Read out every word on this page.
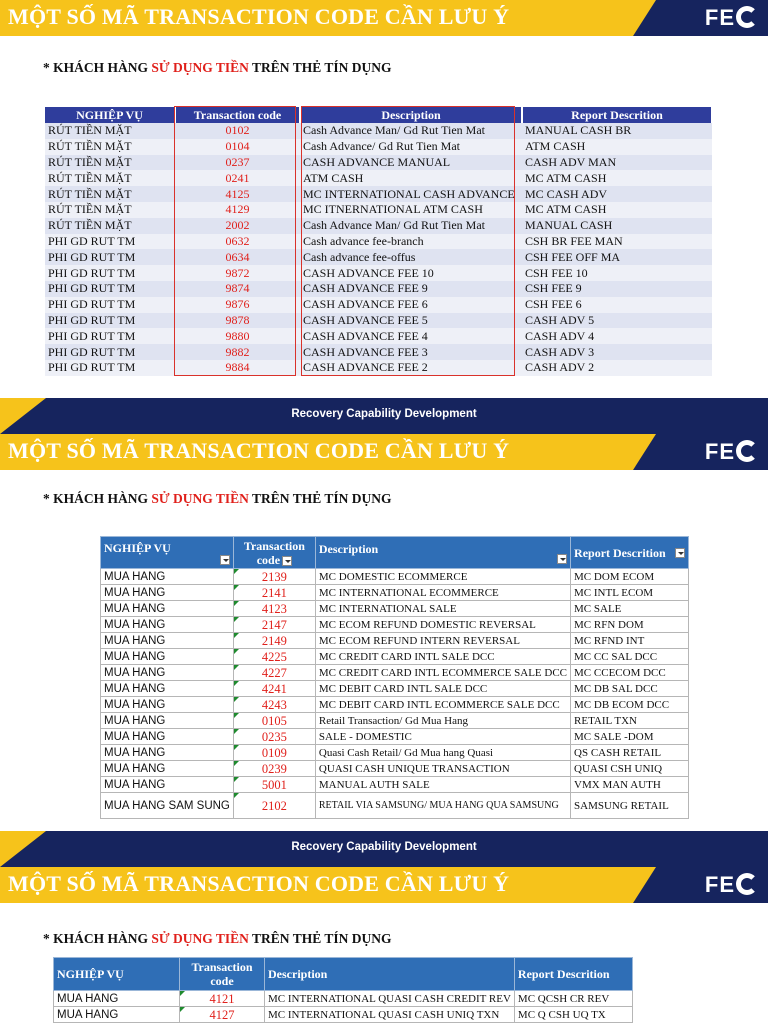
MỘT SỐ MÃ TRANSACTION CODE CẦN LƯU Ý	FE
* KHÁCH HÀNG SỬ DỤNG TIỀN TRÊN THẺ TÍN DỤNG
NGHIỆP VỤ	Transaction code	Description	Report Descrition
RÚT TIỀN MẶT	0102	Cash Advance Man/ Gd Rut Tien Mat	MANUAL CASH BR
RÚT TIỀN MẶT	0104	Cash Advance/ Gd Rut Tien Mat	ATM CASH
RÚT TIỀN MẶT	0237	CASH ADVANCE MANUAL	CASH ADV MAN
RÚT TIỀN MẶT	0241	ATM CASH	MC ATM CASH
RÚT TIỀN MẶT	4125	MC INTERNATIONAL CASH ADVANCE	MC CASH ADV
RÚT TIỀN MẶT	4129	MC ITNERNATIONAL ATM CASH	MC ATM CASH
RÚT TIỀN MẶT	2002	Cash Advance Man/ Gd Rut Tien Mat	MANUAL CASH
PHI GD RUT TM	0632	Cash advance fee-branch	CSH BR FEE MAN
PHI GD RUT TM	0634	Cash advance fee-offus	CSH FEE OFF MA
PHI GD RUT TM	9872	CASH ADVANCE FEE 10	CSH FEE 10
PHI GD RUT TM	9874	CASH ADVANCE FEE 9	CSH FEE 9
PHI GD RUT TM	9876	CASH ADVANCE FEE 6	CSH FEE 6
PHI GD RUT TM	9878	CASH ADVANCE FEE 5	CASH ADV 5
PHI GD RUT TM	9880	CASH ADVANCE FEE 4	CASH ADV 4
PHI GD RUT TM	9882	CASH ADVANCE FEE 3	CASH ADV 3
PHI GD RUT TM	9884	CASH ADVANCE FEE 2	CASH ADV 2
Recovery Capability Development
MỘT SỐ MÃ TRANSACTION CODE CẦN LƯU Ý	FE
* KHÁCH HÀNG SỬ DỤNG TIỀN TRÊN THẺ TÍN DỤNG
NGHIỆP VỤ	Transaction code	Description	Report Descrition

MUA HANG	2139	MC DOMESTIC ECOMMERCE	MC DOM ECOM
MUA HANG	2141	MC INTERNATIONAL ECOMMERCE	MC INTL ECOM
MUA HANG	4123	MC INTERNATIONAL SALE	MC SALE
MUA HANG	2147	MC ECOM REFUND DOMESTIC REVERSAL	MC RFN DOM
MUA HANG	2149	MC ECOM REFUND INTERN REVERSAL	MC RFND INT
MUA HANG	4225	MC CREDIT CARD INTL SALE DCC	MC CC SAL DCC
MUA HANG	4227	MC CREDIT CARD INTL ECOMMERCE SALE DCC	MC CCECOM DCC
MUA HANG	4241	MC DEBIT CARD INTL SALE DCC	MC DB SAL DCC
MUA HANG	4243	MC DEBIT CARD INTL ECOMMERCE SALE DCC	MC DB ECOM DCC
MUA HANG	0105	Retail Transaction/ Gd Mua Hang	RETAIL TXN
MUA HANG	0235	SALE - DOMESTIC	MC SALE -DOM
MUA HANG	0109	Quasi Cash Retail/ Gd Mua hang Quasi	QS CASH RETAIL
MUA HANG	0239	QUASI CASH UNIQUE TRANSACTION	QUASI CSH UNIQ
MUA HANG	5001	MANUAL AUTH SALE	VMX MAN AUTH
MUA HANG SAM SUNG	2102	RETAIL VIA SAMSUNG/ MUA HANG QUA SAMSUNG	SAMSUNG RETAIL
Recovery Capability Development
MỘT SỐ MÃ TRANSACTION CODE CẦN LƯU Ý	FE
* KHÁCH HÀNG SỬ DỤNG TIỀN TRÊN THẺ TÍN DỤNG
NGHIỆP VỤ	Transaction code	Description	Report Descrition
MUA HANG	4121	MC INTERNATIONAL QUASI CASH CREDIT REV	MC QCSH CR REV
MUA HANG	4127	MC INTERNATIONAL QUASI CASH UNIQ TXN	MC Q CSH UQ TX
